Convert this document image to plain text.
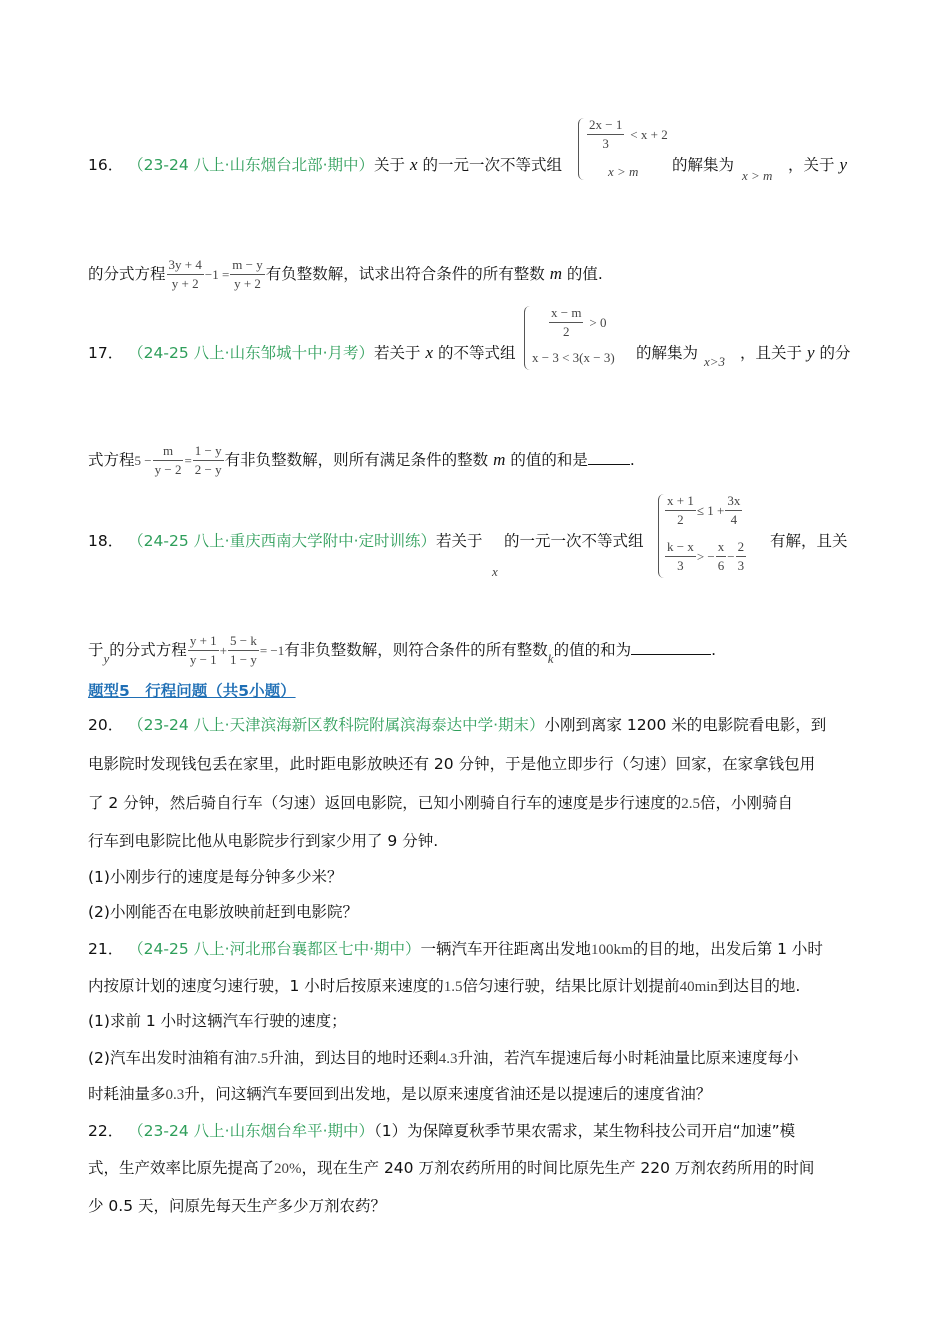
$\frac{2x - 1}{3} < x + 2$
x > m
16． （23-24 八上·山东烟台北部·期中）关于 x 的一元一次不等式组	的解集为
x > m
，关于 y
的分式方程 $\frac{3y + 4}{y + 2} -1 = \frac{m - y}{y + 2}$ 有负整数解，试求出符合条件的所有整数 m 的值.
$\frac{x - m}{2} > 0$
x − 3 < 3(x − 3)
17． （24-25 八上·山东邹城十中·月考）若关于 x 的不等式组	的解集为 x>3 ，且关于 y 的分
式方程$5 - \frac{m}{y - 2} = \frac{1 - y}{2 - y}$ 有非负整数解，则所有满足条件的整数 m 的值的和是	.
$\frac{x + 1}{2} \le 1 + \frac{3x}{4}$
$\frac{k - x}{3}$ > − $\frac{x}{6} - \frac{2}{3}$
18． （24-25 八上·重庆西南大学附中·定时训练）若关于
x
的一元一次不等式组	有解，且关
于$_y$的分式方程 $\frac{y + 1}{y - 1} + \frac{5 - k}{1 - y} = -1$有非负整数解，则符合条件的所有整数$_k$的值的和为	.
题型5　行程问题（共5小题）
20． （23-24 八上·天津滨海新区教科院附属滨海泰达中学·期末）小刚到离家 1200 米的电影院看电影，到
电影院时发现钱包丢在家里，此时距电影放映还有 20 分钟，于是他立即步行（匀速）回家，在家拿钱包用
了 2 分钟，然后骑自行车（匀速）返回电影院，已知小刚骑自行车的速度是步行速度的2.5倍，小刚骑自
行车到电影院比他从电影院步行到家少用了 9 分钟.
(1)小刚步行的速度是每分钟多少米？
(2)小刚能否在电影放映前赶到电影院？
21． （24-25 八上·河北邢台襄都区七中·期中）一辆汽车开往距离出发地100km的目的地，出发后第 1 小时
内按原计划的速度匀速行驶，1 小时后按原来速度的1.5倍匀速行驶，结果比原计划提前40min到达目的地.
(1)求前 1 小时这辆汽车行驶的速度；
(2)汽车出发时油箱有油7.5升油，到达目的地时还剩4.3升油，若汽车提速后每小时耗油量比原来速度每小
时耗油量多0.3升，问这辆汽车要回到出发地，是以原来速度省油还是以提速后的速度省油？
22． （23-24 八上·山东烟台牟平·期中）（1）为保障夏秋季节果农需求，某生物科技公司开启“加速”模
式，生产效率比原先提高了20%，现在生产 240 万剂农药所用的时间比原先生产 220 万剂农药所用的时间
少 0.5 天，问原先每天生产多少万剂农药？
